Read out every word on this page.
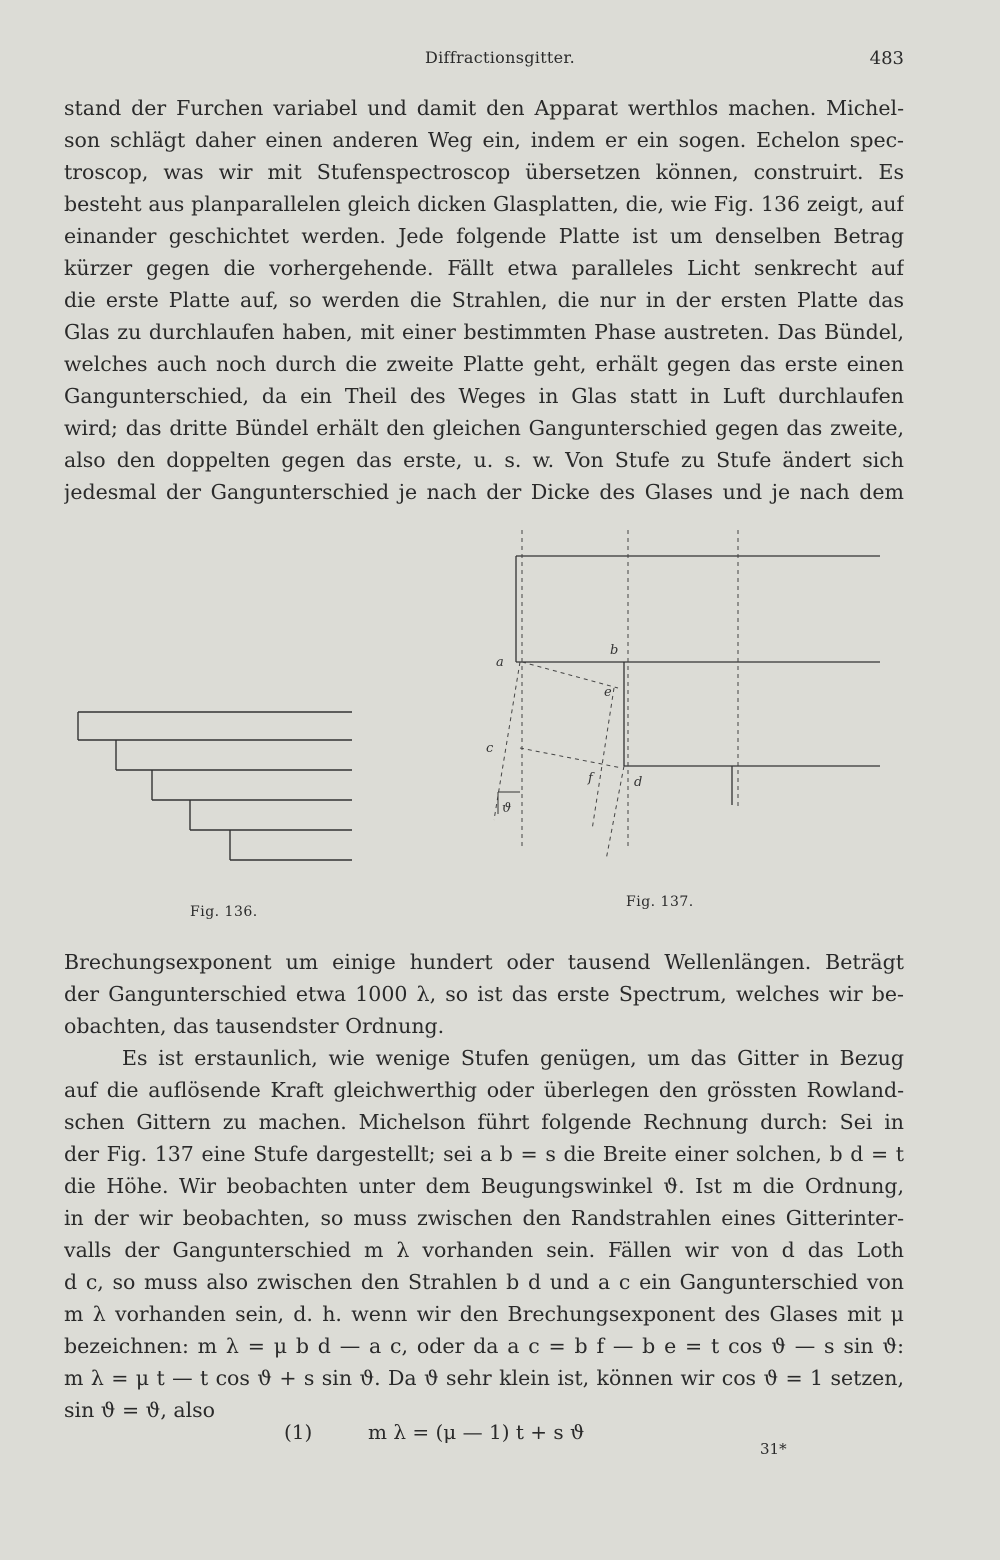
Diffractionsgitter.	483
stand der Furchen variabel und damit den Apparat werthlos machen. Michel-
son schlägt daher einen anderen Weg ein, indem er ein sogen. Echelon spec-
troscop, was wir mit Stufenspectroscop übersetzen können, construirt. Es
besteht aus planparallelen gleich dicken Glasplatten, die, wie Fig. 136 zeigt, auf
einander geschichtet werden. Jede folgende Platte ist um denselben Betrag
kürzer gegen die vorhergehende. Fällt etwa paralleles Licht senkrecht auf
die erste Platte auf, so werden die Strahlen, die nur in der ersten Platte das
Glas zu durchlaufen haben, mit einer bestimmten Phase austreten. Das Bündel,
welches auch noch durch die zweite Platte geht, erhält gegen das erste einen
Gangunterschied, da ein Theil des Weges in Glas statt in Luft durchlaufen
wird; das dritte Bündel erhält den gleichen Gangunterschied gegen das zweite,
also den doppelten gegen das erste, u. s. w. Von Stufe zu Stufe ändert sich
jedesmal der Gangunterschied je nach der Dicke des Glases und je nach dem
Fig. 136.
a
b
e
c
f	d
ϑ
Fig. 137.
Brechungsexponent um einige hundert oder tausend Wellenlängen. Beträgt
der Gangunterschied etwa 1000 λ, so ist das erste Spectrum, welches wir be-
obachten, das tausendster Ordnung.
Es ist erstaunlich, wie wenige Stufen genügen, um das Gitter in Bezug
auf die auflösende Kraft gleichwerthig oder überlegen den grössten Rowland-
schen Gittern zu machen. Michelson führt folgende Rechnung durch: Sei in
der Fig. 137 eine Stufe dargestellt; sei a b = s die Breite einer solchen, b d = t
die Höhe. Wir beobachten unter dem Beugungswinkel ϑ. Ist m die Ordnung,
in der wir beobachten, so muss zwischen den Randstrahlen eines Gitterinter-
valls der Gangunterschied m λ vorhanden sein. Fällen wir von d das Loth
d c, so muss also zwischen den Strahlen b d und a c ein Gangunterschied von
m λ vorhanden sein, d. h. wenn wir den Brechungsexponent des Glases mit μ
bezeichnen: m λ = μ b d — a c, oder da a c = b f — b e = t cos ϑ — s sin ϑ:
m λ = μ t — t cos ϑ + s sin ϑ. Da ϑ sehr klein ist, können wir cos ϑ = 1 setzen,
sin ϑ = ϑ, also
(1)	m λ = (μ — 1) t + s ϑ
31*
